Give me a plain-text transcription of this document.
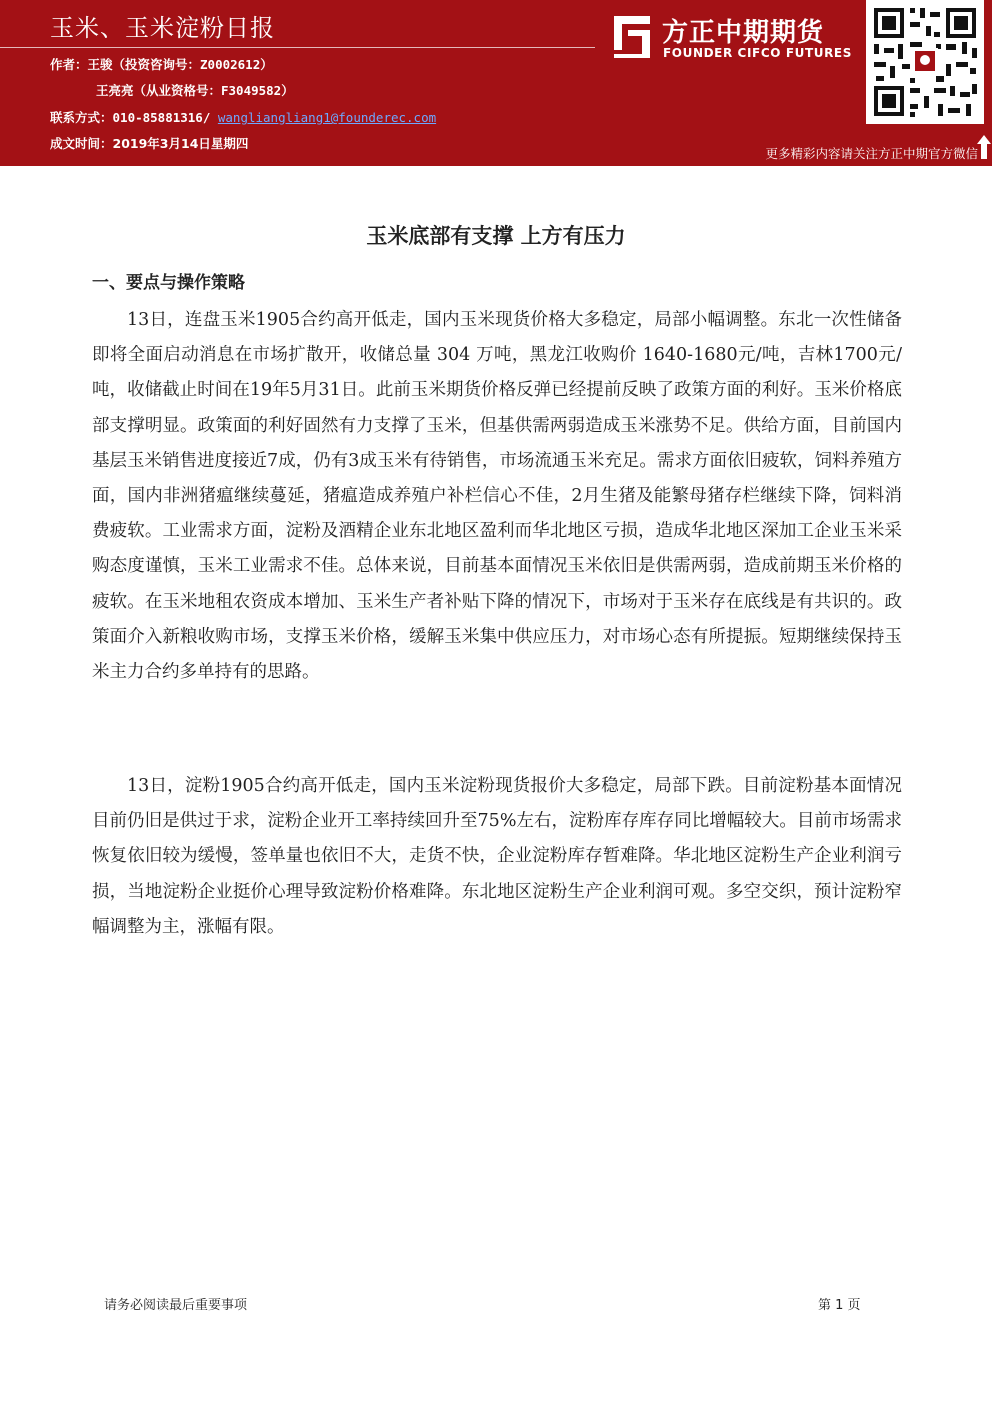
玉米、玉米淀粉日报
作者：王骏（投资咨询号：Z0002612）
王亮亮（从业资格号：F3049582）
联系方式：010-85881316/ wangliangliang1@founderec.com
成文时间：2019年3月14日星期四
方正中期期货
FOUNDER CIFCO FUTURES
更多精彩内容请关注方正中期官方微信
玉米底部有支撑 上方有压力
一、要点与操作策略
13日，连盘玉米1905合约高开低走，国内玉米现货价格大多稳定，局部小幅调整。东北一次性储备即将全面启动消息在市场扩散开，收储总量 304 万吨，黑龙江收购价 1640-1680元/吨，吉林1700元/吨，收储截止时间在19年5月31日。此前玉米期货价格反弹已经提前反映了政策方面的利好。玉米价格底部支撑明显。政策面的利好固然有力支撑了玉米，但基供需两弱造成玉米涨势不足。供给方面，目前国内基层玉米销售进度接近7成，仍有3成玉米有待销售，市场流通玉米充足。需求方面依旧疲软，饲料养殖方面，国内非洲猪瘟继续蔓延，猪瘟造成养殖户补栏信心不佳，2月生猪及能繁母猪存栏继续下降，饲料消费疲软。工业需求方面，淀粉及酒精企业东北地区盈利而华北地区亏损，造成华北地区深加工企业玉米采购态度谨慎，玉米工业需求不佳。总体来说，目前基本面情况玉米依旧是供需两弱，造成前期玉米价格的疲软。在玉米地租农资成本增加、玉米生产者补贴下降的情况下，市场对于玉米存在底线是有共识的。政策面介入新粮收购市场，支撑玉米价格，缓解玉米集中供应压力，对市场心态有所提振。短期继续保持玉米主力合约多单持有的思路。
13日，淀粉1905合约高开低走，国内玉米淀粉现货报价大多稳定，局部下跌。目前淀粉基本面情况目前仍旧是供过于求，淀粉企业开工率持续回升至75%左右，淀粉库存库存同比增幅较大。目前市场需求恢复依旧较为缓慢，签单量也依旧不大，走货不快，企业淀粉库存暂难降。华北地区淀粉生产企业利润亏损，当地淀粉企业挺价心理导致淀粉价格难降。东北地区淀粉生产企业利润可观。多空交织，预计淀粉窄幅调整为主，涨幅有限。
请务必阅读最后重要事项	第 1 页
